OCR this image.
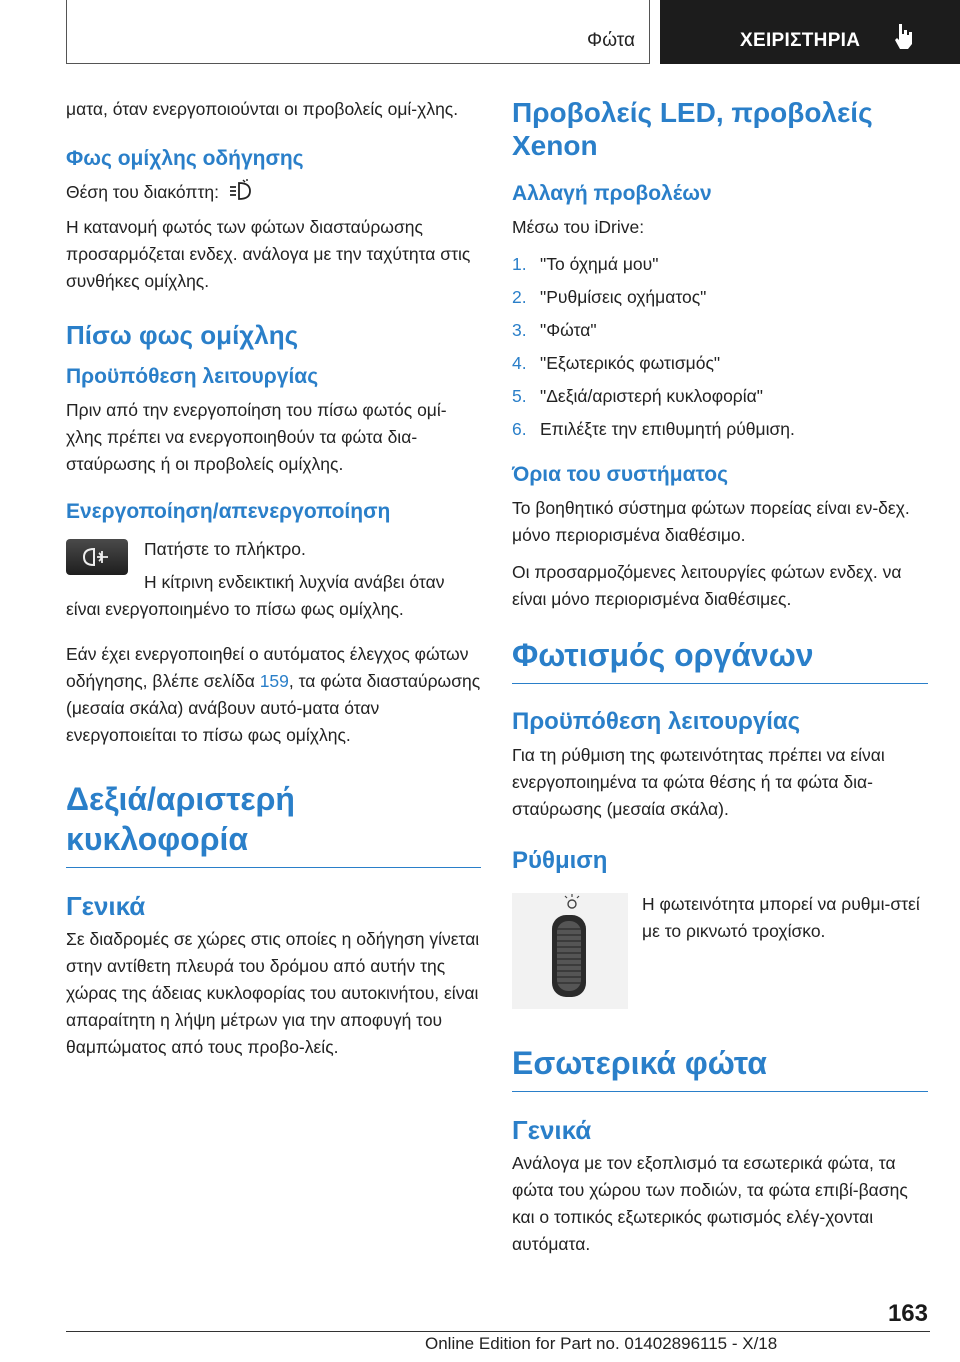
Φώτα	ΧΕΙΡΙΣΤΗΡΙΑ

ματα, όταν ενεργοποιούνται οι προβολείς ομί-χλης.

Φως ομίχλης οδήγησης

Θέση του διακόπτη:

Η κατανομή φωτός των φώτων διασταύρωσης προσαρμόζεται ενδεχ. ανάλογα με την ταχύτητα στις συνθήκες ομίχλης.

Πίσω φως ομίχλης
Προϋπόθεση λειτουργίας

Πριν από την ενεργοποίηση του πίσω φωτός ομί-χλης πρέπει να ενεργοποιηθούν τα φώτα δια-σταύρωσης ή οι προβολείς ομίχλης.

Ενεργοποίηση/απενεργοποίηση

Πατήστε το πλήκτρο.

Η κίτρινη ενδεικτική λυχνία ανάβει όταν είναι ενεργοποιημένο το πίσω φως ομίχλης.

Εάν έχει ενεργοποιηθεί ο αυτόματος έλεγχος φώτων οδήγησης, βλέπε σελίδα 159, τα φώτα διασταύρωσης (μεσαία σκάλα) ανάβουν αυτό-ματα όταν ενεργοποιείται το πίσω φως ομίχλης.

Δεξιά/αριστερή κυκλοφορία
Γενικά

Σε διαδρομές σε χώρες στις οποίες η οδήγηση γίνεται στην αντίθετη πλευρά του δρόμου από αυτήν της χώρας της άδειας κυκλοφορίας του αυτοκινήτου, είναι απαραίτητη η λήψη μέτρων για την αποφυγή του θαμπώματος από τους προβο-λείς.

Προβολείς LED, προβολείς Xenon
Αλλαγή προβολέων

Μέσω του iDrive:

1. "Το όχημά μου"
2. "Ρυθμίσεις οχήματος"
3. "Φώτα"
4. "Εξωτερικός φωτισμός"
5. "Δεξιά/αριστερή κυκλοφορία"
6. Επιλέξτε την επιθυμητή ρύθμιση.
Όρια του συστήματος

Το βοηθητικό σύστημα φώτων πορείας είναι εν-δεχ. μόνο περιορισμένα διαθέσιμο.

Οι προσαρμοζόμενες λειτουργίες φώτων ενδεχ. να είναι μόνο περιορισμένα διαθέσιμες.

Φωτισμός οργάνων
Προϋπόθεση λειτουργίας

Για τη ρύθμιση της φωτεινότητας πρέπει να είναι ενεργοποιημένα τα φώτα θέσης ή τα φώτα δια-σταύρωσης (μεσαία σκάλα).

Ρύθμιση

Η φωτεινότητα μπορεί να ρυθμι-στεί με το ρικνωτό τροχίσκο.

Εσωτερικά φώτα
Γενικά

Ανάλογα με τον εξοπλισμό τα εσωτερικά φώτα, τα φώτα του χώρου των ποδιών, τα φώτα επιβί-βασης και ο τοπικός εξωτερικός φωτισμός ελέγ-χονται αυτόματα.

163
Online Edition for Part no. 01402896115 - X/18
